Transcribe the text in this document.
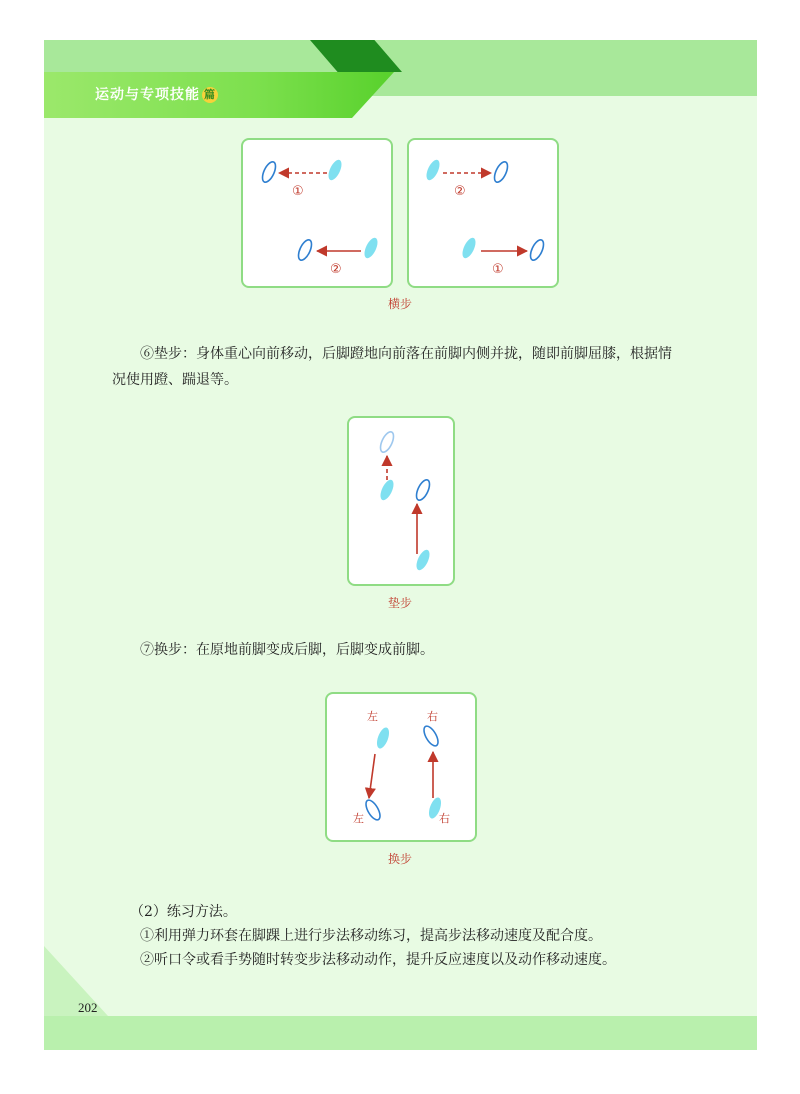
运动与专项技能 篇
①
②
②
①
横步

⑥垫步：身体重心向前移动，后脚蹬地向前落在前脚内侧并拢，随即前脚屈膝，根据情

况使用蹬、踹退等。

垫步

⑦换步：在原地前脚变成后脚，后脚变成前脚。

左	右
左	右
换步

（2）练习方法。

①利用弹力环套在脚踝上进行步法移动练习，提高步法移动速度及配合度。

②听口令或看手势随时转变步法移动动作，提升反应速度以及动作移动速度。

202
